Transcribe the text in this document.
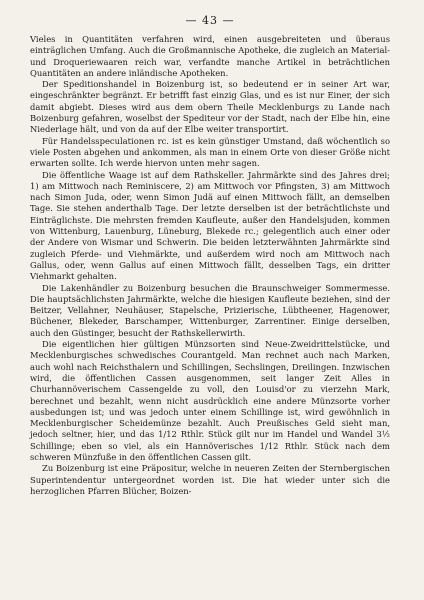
— 43 —

Vieles in Quantitäten verfahren wird, einen ausgebreiteten und überaus einträglichen Umfang. Auch die Großmannische Apotheke, die zugleich an Material- und Droqueriewaaren reich war, verfandte manche Artikel in beträchtlichen Quantitäten an andere inländische Apotheken.

Der Speditionshandel in Boizenburg ist, so bedeutend er in seiner Art war, eingeschränkter begränzt. Er betrifft fast einzig Glas, und es ist nur Einer, der sich damit abgiebt. Dieses wird aus dem obern Theile Mecklenburgs zu Lande nach Boizenburg gefahren, woselbst der Spediteur vor der Stadt, nach der Elbe hin, eine Niederlage hält, und von da auf der Elbe weiter transportirt.

Für Handelsspeculationen rc. ist es kein günstiger Umstand, daß wöchentlich so viele Posten abgehen und ankommen, als man in einem Orte von dieser Größe nicht erwarten sollte. Ich werde hiervon unten mehr sagen.

Die öffentliche Waage ist auf dem Rathskeller. Jahrmärkte sind des Jahres drei; 1) am Mittwoch nach Reminiscere, 2) am Mittwoch vor Pfingsten, 3) am Mittwoch nach Simon Juda, oder, wenn Simon Judä auf einen Mittwoch fällt, an demselben Tage. Sie stehen anderthalb Tage. Der letzte derselben ist der beträchtlichste und Einträglichste. Die mehrsten fremden Kaufleute, außer den Handelsjuden, kommen von Wittenburg, Lauenburg, Lüneburg, Blekede rc.; gelegentlich auch einer oder der Andere von Wismar und Schwerin. Die beiden letzterwähnten Jahrmärkte sind zugleich Pferde- und Viehmärkte, und außerdem wird noch am Mittwoch nach Gallus, oder, wenn Gallus auf einen Mittwoch fällt, desselben Tags, ein dritter Viehmarkt gehalten.

Die Lakenhändler zu Boizenburg besuchen die Braunschweiger Sommermesse. Die hauptsächlichsten Jahrmärkte, welche die hiesigen Kaufleute beziehen, sind der Beitzer, Vellahner, Neuhäuser, Stapelsche, Prizierische, Lübtheener, Hagenower, Büchener, Blekeder, Barschamper, Wittenburger, Zarrentiner. Einige derselben, auch den Güstinger, besucht der Rathskellerwirth.

Die eigentlichen hier gültigen Münzsorten sind Neue-Zweidrittelstücke, und Mecklenburgisches schwedisches Courantgeld. Man rechnet auch nach Marken, auch wohl nach Reichsthalern und Schillingen, Sechslingen, Dreilingen. Inzwischen wird, die öffentlichen Cassen ausgenommen, seit langer Zeit Alles in Churhannöverischem Cassengelde zu voll, den Louisd'or zu vierzehn Mark, berechnet und bezahlt, wenn nicht ausdrücklich eine andere Münzsorte vorher ausbedungen ist; und was jedoch unter einem Schillinge ist, wird gewöhnlich in Mecklenburgischer Scheidemünze bezahlt. Auch Preußisches Geld sieht man, jedoch seltner, hier, und das 1/12 Rthlr. Stück gilt nur im Handel und Wandel 3½ Schillinge; eben so viel, als ein Hannöverisches 1/12 Rthlr. Stück nach dem schweren Münzfuße in den öffentlichen Cassen gilt.

Zu Boizenburg ist eine Präpositur, welche in neueren Zeiten der Sternbergischen Superintendentur untergeordnet worden ist. Die hat wieder unter sich die herzoglichen Pfarren Blücher, Boizen-
